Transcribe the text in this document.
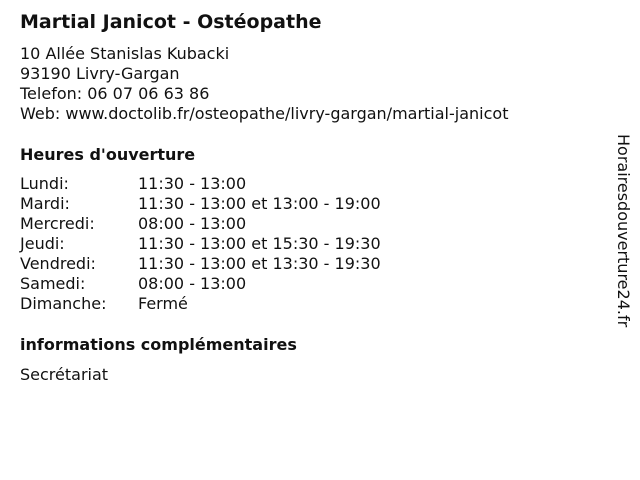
Martial Janicot - Ostéopathe
10 Allée Stanislas Kubacki
93190 Livry-Gargan
Telefon: 06 07 06 63 86
Web: www.doctolib.fr/osteopathe/livry-gargan/martial-janicot
Heures d'ouverture
Lundi:	11:30 - 13:00
Mardi:	11:30 - 13:00 et 13:00 - 19:00
Mercredi:	08:00 - 13:00
Jeudi:	11:30 - 13:00 et 15:30 - 19:30
Vendredi:	11:30 - 13:00 et 13:30 - 19:30
Samedi:	08:00 - 13:00
Dimanche: Fermé
informations complémentaires
Secrétariat
Horairesdouverture24.fr
